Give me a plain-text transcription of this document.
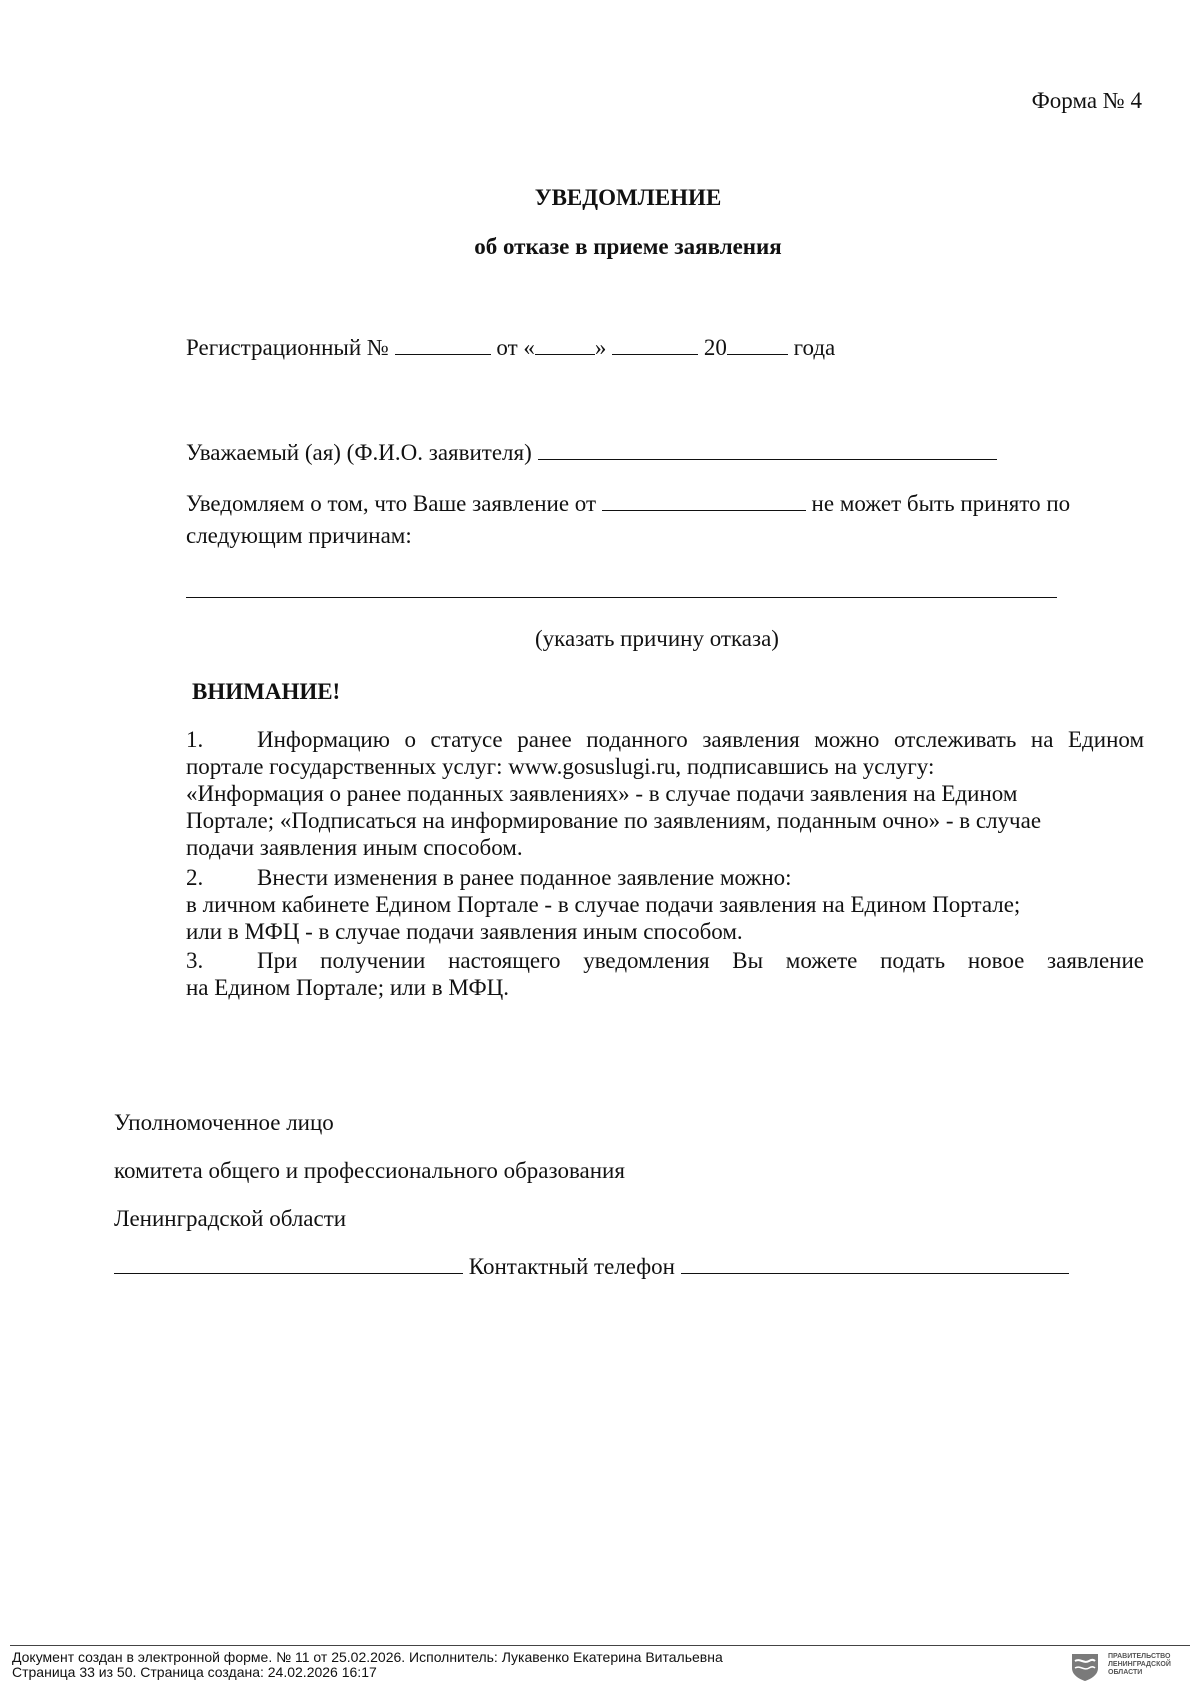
Форма № 4
УВЕДОМЛЕНИЕ
об отказе в приеме заявления
Регистрационный №	от «	»	20	года
Уважаемый (ая) (Ф.И.О. заявителя)
Уведомляем о том, что Ваше заявление от	не может быть принято по
следующим причинам:
(указать причину отказа)
ВНИМАНИЕ!
1. Информацию о статусе ранее поданного заявления можно отслеживать на Едином
портале государственных услуг: www.gosuslugi.ru, подписавшись на услугу:
«Информация о ранее поданных заявлениях» - в случае подачи заявления на Едином
Портале; «Подписаться на информирование по заявлениям, поданным очно» - в случае
подачи заявления иным способом.
2. Внести изменения в ранее поданное заявление можно:
в личном кабинете Едином Портале - в случае подачи заявления на Едином Портале;
или в МФЦ - в случае подачи заявления иным способом.
3. При получении настоящего уведомления Вы можете подать новое заявление
на Едином Портале; или в МФЦ.
Уполномоченное лицо
комитета общего и профессионального образования
Ленинградской области
Контактный телефон
Документ создан в электронной форме. № 11 от 25.02.2026. Исполнитель: Лукавенко Екатерина Витальевна
Страница 33 из 50. Страница создана: 24.02.2026 16:17
ПРАВИТЕЛЬСТВО
ЛЕНИНГРАДСКОЙ
ОБЛАСТИ
